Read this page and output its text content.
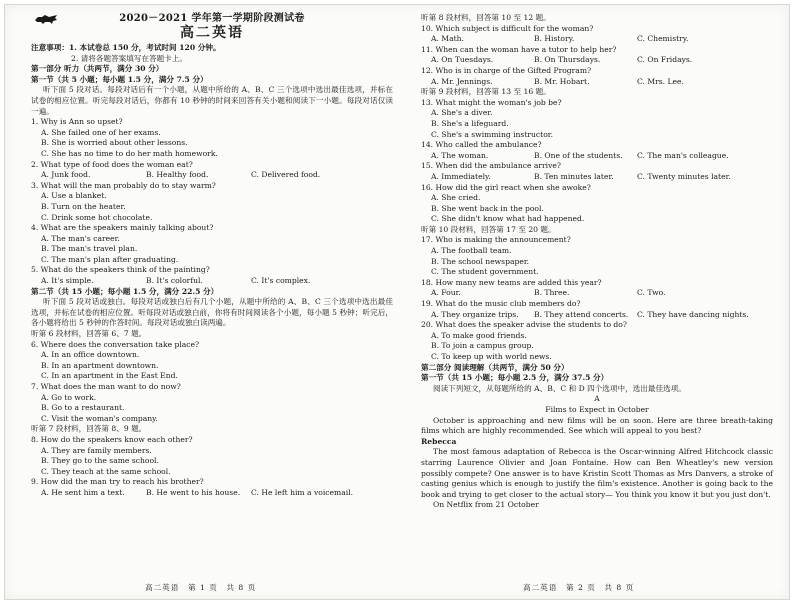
2020－2021 学年第一学期阶段测试卷
高二英语
注意事项：1. 本试卷总 150 分，考试时间 120 分钟。
2. 请将各题答案填写在答题卡上。
第一部分 听力（共两节，满分 30 分）
第一节（共 5 小题；每小题 1.5 分，满分 7.5 分）
听下面 5 段对话。每段对话后有一个小题，从题中所给的 A、B、C 三个选项中选出最佳选项，并标在试卷的相应位置。听完每段对话后，你都有 10 秒钟的时间来回答有关小题和阅读下一小题。每段对话仅读一遍。
1. Why is Ann so upset?
A. She failed one of her exams.
B. She is worried about other lessons.
C. She has no time to do her math homework.
2. What type of food does the woman eat?
A. Junk food.	B. Healthy food.	C. Delivered food.
3. What will the man probably do to stay warm?
A. Use a blanket.
B. Turn on the heater.
C. Drink some hot chocolate.
4. What are the speakers mainly talking about?
A. The man's career.
B. The man's travel plan.
C. The man's plan after graduating.
5. What do the speakers think of the painting?
A. It's simple.	B. It's colorful.	C. It's complex.
第二节（共 15 小题；每小题 1.5 分，满分 22.5 分）
听下面 5 段对话或独白。每段对话或独白后有几个小题，从题中所给的 A、B、C 三个选项中选出最佳选项，并标在试卷的相应位置。听每段对话或独白前，你将有时间阅读各个小题，每小题 5 秒钟；听完后，各小题将给出 5 秒钟的作答时间。每段对话或独白读两遍。
听第 6 段材料，回答第 6、7 题。
6. Where does the conversation take place?
A. In an office downtown.
B. In an apartment downtown.
C. In an apartment in the East End.
7. What does the man want to do now?
A. Go to work.
B. Go to a restaurant.
C. Visit the woman's company.
听第 7 段材料，回答第 8、9 题。
8. How do the speakers know each other?
A. They are family members.
B. They go to the same school.
C. They teach at the same school.
9. How did the man try to reach his brother?
A. He sent him a text.	B. He went to his house.	C. He left him a voicemail.
高二英语　第 1 页　共 8 页
听第 8 段材料，回答第 10 至 12 题。
10. Which subject is difficult for the woman?
A. Math.	B. History.	C. Chemistry.
11. When can the woman have a tutor to help her?
A. On Tuesdays.	B. On Thursdays.	C. On Fridays.
12. Who is in charge of the Gifted Program?
A. Mr. Jennings.	B. Mr. Hobart.	C. Mrs. Lee.
听第 9 段材料，回答第 13 至 16 题。
13. What might the woman's job be?
A. She's a diver.
B. She's a lifeguard.
C. She's a swimming instructor.
14. Who called the ambulance?
A. The woman.	B. One of the students.	C. The man's colleague.
15. When did the ambulance arrive?
A. Immediately.	B. Ten minutes later.	C. Twenty minutes later.
16. How did the girl react when she awoke?
A. She cried.
B. She went back in the pool.
C. She didn't know what had happened.
听第 10 段材料，回答第 17 至 20 题。
17. Who is making the announcement?
A. The football team.
B. The school newspaper.
C. The student government.
18. How many new teams are added this year?
A. Four.	B. Three.	C. Two.
19. What do the music club members do?
A. They organize trips.	B. They attend concerts.	C. They have dancing nights.
20. What does the speaker advise the students to do?
A. To make good friends.
B. To join a campus group.
C. To keep up with world news.
第二部分 阅读理解（共两节，满分 50 分）
第一节（共 15 小题；每小题 2.5 分，满分 37.5 分）
阅读下列短文，从每题所给的 A、B、C 和 D 四个选项中，选出最佳选项。
A
Films to Expect in October
October is approaching and new films will be on soon. Here are three breath-taking films which are highly recommended. See which will appeal to you best?
Rebecca
The most famous adaptation of Rebecca is the Oscar-winning Alfred Hitchcock classic starring Laurence Olivier and Joan Fontaine. How can Ben Wheatley's new version possibly compete? One answer is to have Kristin Scott Thomas as Mrs Danvers, a stroke of casting genius which is enough to justify the film's existence. Another is going back to the book and trying to get closer to the actual story— You think you know it but you just don't.
On Netflix from 21 October
高二英语　第 2 页　共 8 页
